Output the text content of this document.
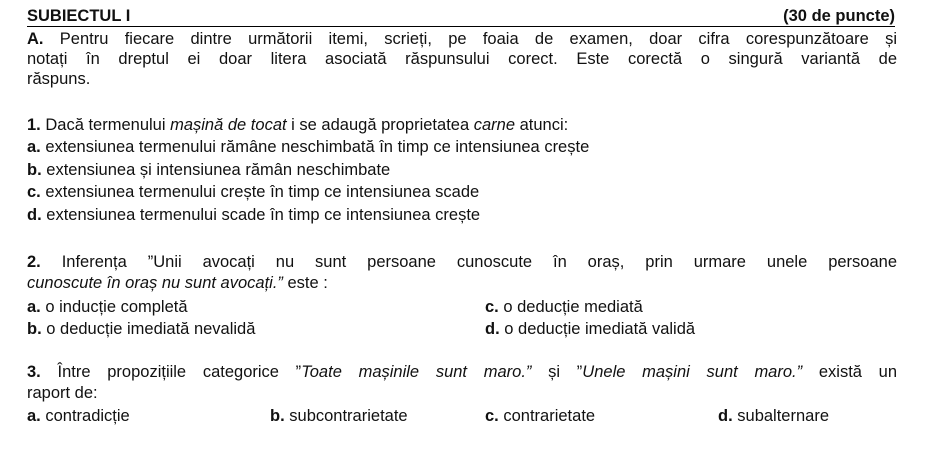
SUBIECTUL I	(30 de puncte)
A. Pentru fiecare dintre următorii itemi, scrieți, pe foaia de examen, doar cifra corespunzătoare și
notați în dreptul ei doar litera asociată răspunsului corect. Este corectă o singură variantă de
răspuns.
1. Dacă termenului mașină de tocat i se adaugă proprietatea carne atunci:
a. extensiunea termenului rămâne neschimbată în timp ce intensiunea crește
b. extensiunea și intensiunea rămân neschimbate
c. extensiunea termenului crește în timp ce intensiunea scade
d. extensiunea termenului scade în timp ce intensiunea crește
2. Inferența ”Unii avocați nu sunt persoane cunoscute în oraș, prin urmare unele persoane
cunoscute în oraș nu sunt avocați.” este :
a. o inducție completă	c. o deducție mediată
b. o deducție imediată nevalidă	d. o deducție imediată validă
3. Între propozițiile categorice ”Toate mașinile sunt maro.” și ”Unele mașini sunt maro.” există un
raport de:
a. contradicție	b. subcontrarietate	c. contrarietate	d. subalternare
